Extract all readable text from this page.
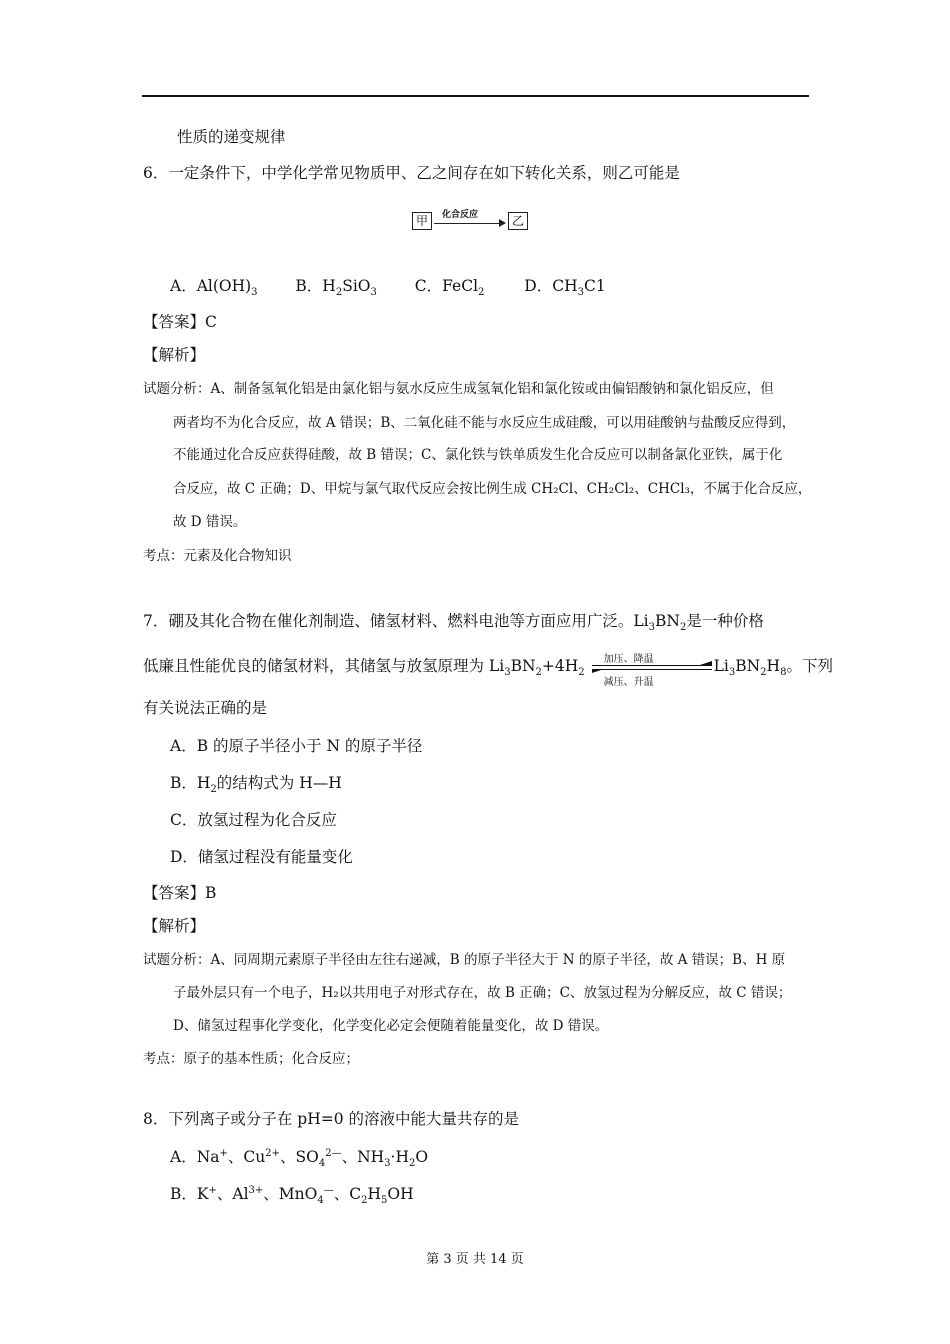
性质的递变规律
6．一定条件下，中学化学常见物质甲、乙之间存在如下转化关系，则乙可能是
甲	化合反应	乙
A．$Al(OH)_3$ B．$H_2SiO_3$ C．FeCl$_2$	D．$CH_3C1$
【答案】C
【解析】
试题分析：A、制备氢氧化铝是由氯化铝与氨水反应生成氢氧化铝和氯化铵或由偏铝酸钠和氯化铝反应，但
两者均不为化合反应，故 A 错误；B、二氧化硅不能与水反应生成硅酸，可以用硅酸钠与盐酸反应得到，
不能通过化合反应获得硅酸，故 B 错误；C、氯化铁与铁单质发生化合反应可以制备氯化亚铁，属于化
合反应，故 C 正确；D、甲烷与氯气取代反应会按比例生成 CH₂Cl、CH₂Cl₂、CHCl₃，不属于化合反应，
故 D 错误。
考点：元素及化合物知识
7．硼及其化合物在催化剂制造、储氢材料、燃料电池等方面应用广泛。$Li_3BN_2$是一种价格
低廉且性能优良的储氢材料，其储氢与放氢原理为 $Li_3BN_2+4H_2$
加压、降温
减压、升温
$Li_3BN_2H_8$。下列
有关说法正确的是
A．B 的原子半径小于 N 的原子半径
B．$H_2$的结构式为 H—H
C．放氢过程为化合反应
D．储氢过程没有能量变化
【答案】B
【解析】
试题分析：A、同周期元素原子半径由左往右递减，B 的原子半径大于 N 的原子半径，故 A 错误；B、H 原
子最外层只有一个电子，H₂以共用电子对形式存在，故 B 正确；C、放氢过程为分解反应，故 C 错误；
D、储氢过程事化学变化，化学变化必定会便随着能量变化，故 D 错误。
考点：原子的基本性质；化合反应；
8．下列离子或分子在 pH=0 的溶液中能大量共存的是
A．Na+、$Cu^{2+}$、$SO_4^{2—}$、$NH_3\cdot H_2O$
B．K+、$Al^{3+}$、MnO$_4$—、$C_2H_5OH$
第 3 页 共 14 页
